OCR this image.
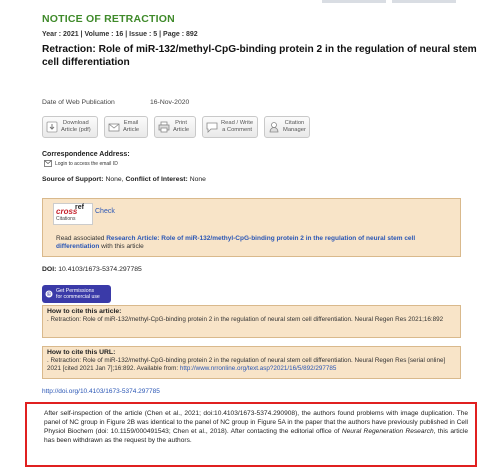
NOTICE OF RETRACTION
Year : 2021 | Volume : 16 | Issue : 5 | Page : 892
Retraction: Role of miR-132/methyl-CpG-binding protein 2 in the regulation of neural stem cell differentiation
Date of Web Publication	16-Nov-2020
Download
Article (pdf)
Email
Article
Print
Article
Read / Write
a Comment
Citation
Manager
Correspondence Address:
Login to access the email ID
Source of Support: None, Conflict of Interest: None
cross
ref
Citations
Check
Read associated Research Article: Role of miR-132/methyl-CpG-binding protein 2 in the regulation of neural stem cell differentiation with this article
DOI: 10.4103/1673-5374.297785
©
Get Permissions
for commercial use
How to cite this article:
. Retraction: Role of miR-132/methyl-CpG-binding protein 2 in the regulation of neural stem cell differentiation. Neural Regen Res 2021;16:892
How to cite this URL:
. Retraction: Role of miR-132/methyl-CpG-binding protein 2 in the regulation of neural stem cell differentiation. Neural Regen Res [serial online] 2021 [cited 2021 Jan 7];16:892. Available from: http://www.nrronline.org/text.asp?2021/16/5/892/297785
http://doi.org/10.4103/1673-5374.297785
After self-inspection of the article (Chen et al., 2021; doi:10.4103/1673-5374.290908), the authors found problems with image duplication. The panel of NC group in Figure 2B was identical to the panel of NC group in Figure 5A in the paper that the authors have previously published in Cell Physiol Biochem (doi: 10.1159/000491543; Chen et al., 2018). After contacting the editorial office of Neural Regeneration Research, this article has been withdrawn as the request by the authors.
